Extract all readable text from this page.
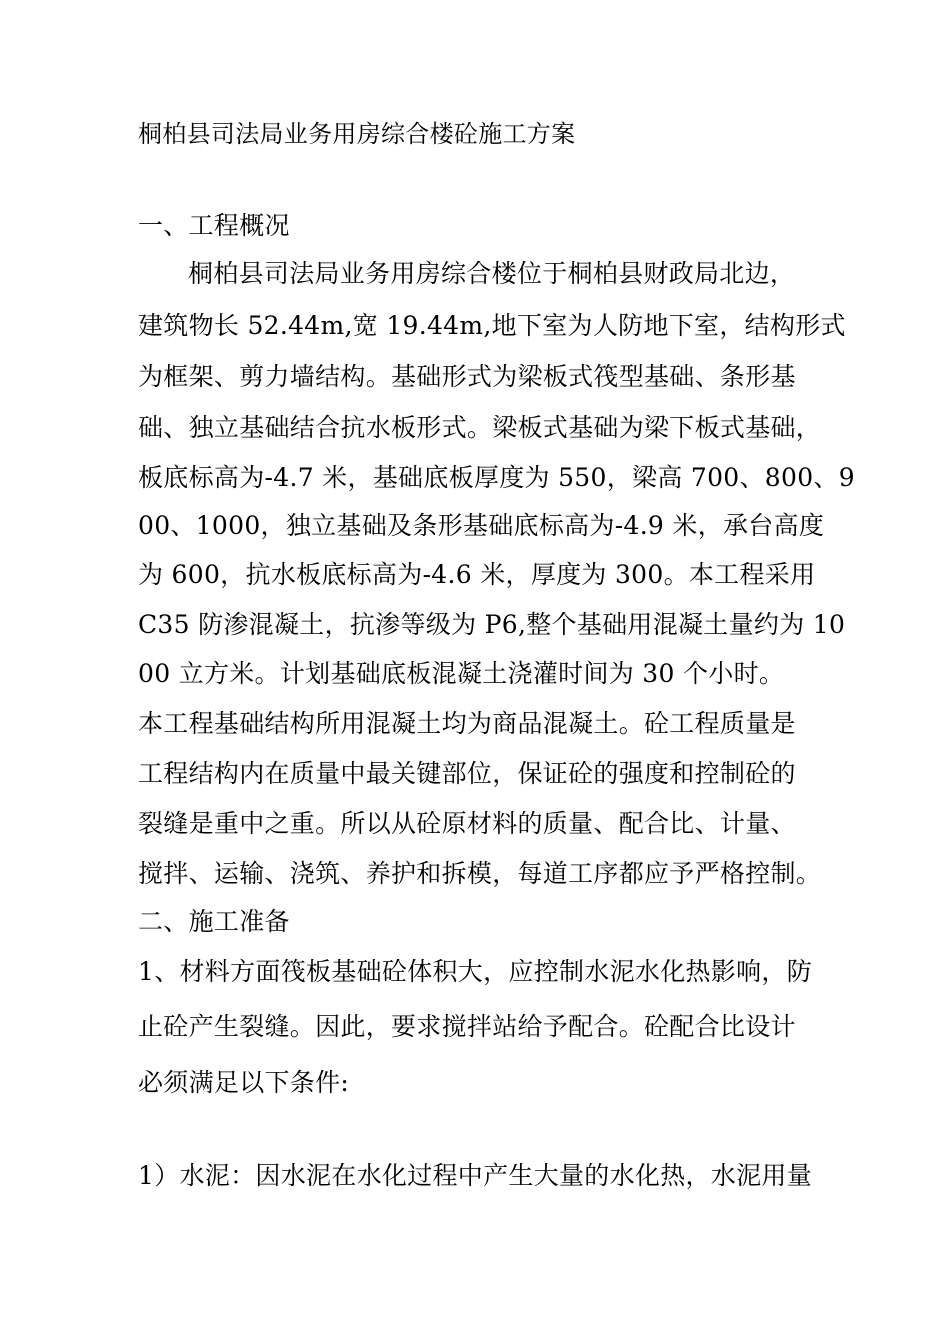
桐柏县司法局业务用房综合楼砼施工方案
一、工程概况
桐柏县司法局业务用房综合楼位于桐柏县财政局北边，
建筑物长 52.44m,宽 19.44m,地下室为人防地下室，结构形式
为框架、剪力墙结构。基础形式为梁板式筏型基础、条形基
础、独立基础结合抗水板形式。梁板式基础为梁下板式基础，
板底标高为-4.7 米，基础底板厚度为 550，梁高 700、800、9
00、1000，独立基础及条形基础底标高为-4.9 米，承台高度
为 600，抗水板底标高为-4.6 米，厚度为 300。本工程采用
C35 防渗混凝土，抗渗等级为 P6,整个基础用混凝土量约为 10
00 立方米。计划基础底板混凝土浇灌时间为 30 个小时。
本工程基础结构所用混凝土均为商品混凝土。砼工程质量是
工程结构内在质量中最关键部位，保证砼的强度和控制砼的
裂缝是重中之重。所以从砼原材料的质量、配合比、计量、
搅拌、运输、浇筑、养护和拆模，每道工序都应予严格控制。
二、施工准备
1、材料方面筏板基础砼体积大，应控制水泥水化热影响，防
止砼产生裂缝。因此，要求搅拌站给予配合。砼配合比设计
必须满足以下条件:
1）水泥：因水泥在水化过程中产生大量的水化热，水泥用量
